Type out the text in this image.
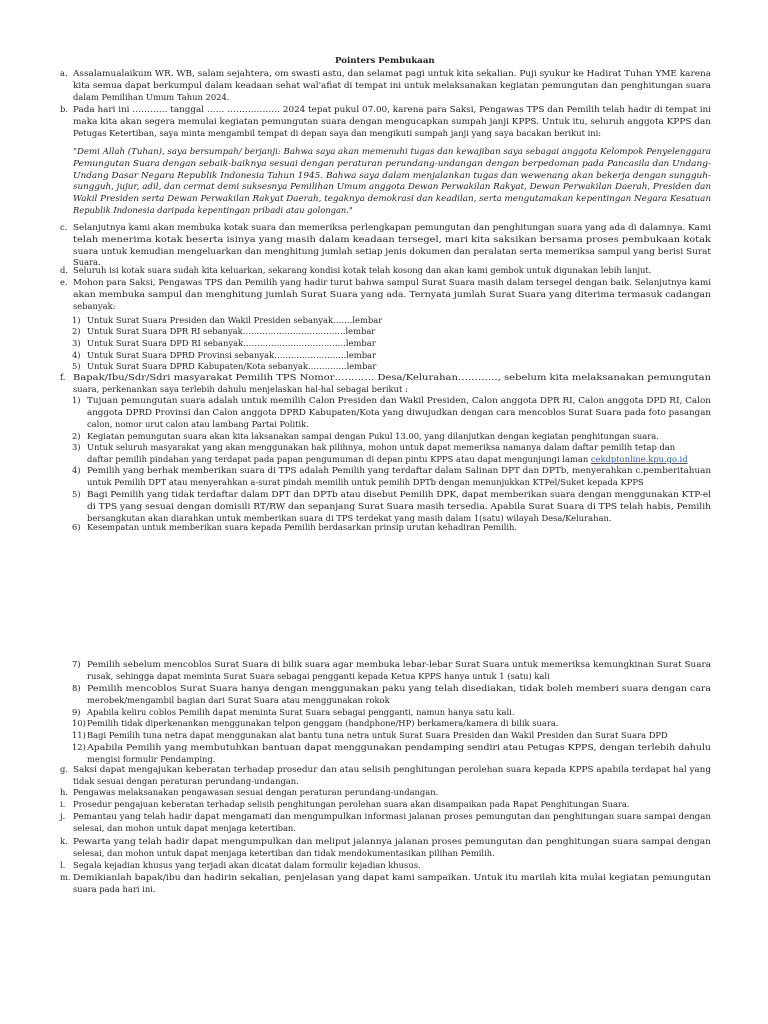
Pointers Pembukaan
a. Assalamualaikum WR. WB, salam sejahtera, om swasti astu, dan selamat pagi untuk kita sekalian. Puji syukur ke Hadirat Tuhan YME karena
kita semua dapat berkumpul dalam keadaan sehat wal'afiat di tempat ini untuk melaksanakan kegiatan pemungutan dan penghitungan suara
dalam Pemilihan Umum Tahun 2024.
b. Pada hari ini ………… tanggal …… ……………… 2024 tepat pukul 07.00, karena para Saksi, Pengawas TPS dan Pemilih telah hadir di tempat ini
maka kita akan segera memulai kegiatan pemungutan suara dengan mengucapkan sumpah janji KPPS. Untuk itu, seluruh anggota KPPS dan
Petugas Ketertiban, saya minta mengambil tempat di depan saya dan mengikuti sumpah janji yang saya bacakan berikut ini:
"Demi Allah (Tuhan), saya bersumpah/ berjanji: Bahwa saya akan memenuhi tugas dan kewajiban saya sebagai anggota Kelompok Penyelenggara
Pemungutan Suara dengan sebaik-baiknya sesuai dengan peraturan perundang-undangan dengan berpedoman pada Pancasila dan Undang-
Undang Dasar Negara Republik Indonesia Tahun 1945. Bahwa saya dalam menjalankan tugas dan wewenang akan bekerja dengan sungguh-
sungguh, jujur, adil, dan cermat demi suksesnya Pemilihan Umum anggota Dewan Perwakilan Rakyat, Dewan Perwakilan Daerah, Presiden dan
Wakil Presiden serta Dewan Perwakilan Rakyat Daerah, tegaknya demokrasi dan keadilan, serta mengutamakan kepentingan Negara Kesatuan
Republik Indonesia daripada kepentingan pribadi atau golongan."
c. Selanjutnya kami akan membuka kotak suara dan memeriksa perlengkapan pemungutan dan penghitungan suara yang ada di dalamnya. Kami
telah menerima kotak beserta isinya yang masih dalam keadaan tersegel, mari kita saksikan bersama proses pembukaan kotak
suara untuk kemudian mengeluarkan dan menghitung jumlah setiap jenis dokumen dan peralatan serta memeriksa sampul yang berisi Surat
Suara.
d. Seluruh isi kotak suara sudah kita keluarkan, sekarang kondisi kotak telah kosong dan akan kami gembok untuk digunakan lebih lanjut.
e. Mohon para Saksi, Pengawas TPS dan Pemilih yang hadir turut bahwa sampul Surat Suara masih dalam tersegel dengan baik. Selanjutnya kami
akan membuka sampul dan menghitung jumlah Surat Suara yang ada. Ternyata jumlah Surat Suara yang diterima termasuk cadangan
sebanyak:
1) Untuk Surat Suara Presiden dan Wakil Presiden sebanyak…….lembar
2) Untuk Surat Suara DPR RI sebanyak……………………………….lembar
3) Untuk Surat Suara DPD RI sebanyak……………………………….lembar
4) Untuk Surat Suara DPRD Provinsi sebanyak……………………..lembar
5) Untuk Surat Suara DPRD Kabupaten/Kota sebanyak…………..lembar
f. Bapak/Ibu/Sdr/Sdri masyarakat Pemilih TPS Nomor………… Desa/Kelurahan…………, sebelum kita melaksanakan pemungutan
suara, perkenankan saya terlebih dahulu menjelaskan hal-hal sebagai berikut :
1) Tujuan pemungutan suara adalah untuk memilih Calon Presiden dan Wakil Presiden, Calon anggota DPR RI, Calon anggota DPD RI, Calon
anggota DPRD Provinsi dan Calon anggota DPRD Kabupaten/Kota yang diwujudkan dengan cara mencoblos Surat Suara pada foto pasangan
calon, nomor urut calon atau lambang Partai Politik.
2) Kegiatan pemungutan suara akan kita laksanakan sampai dengan Pukul 13.00, yang dilanjutkan dengan kegiatan penghitungan suara.
3) Untuk seluruh masyarakat yang akan menggunakan hak pilihnya, mohon untuk dapat memeriksa namanya dalam daftar pemilih tetap dan
daftar pemilih pindahan yang terdapat pada papan pengumuman di depan pintu KPPS atau dapat mengunjungi laman cekdptonline.kpu.go.id
4) Pemilih yang berhak memberikan suara di TPS adalah Pemilih yang terdaftar dalam Salinan DPT dan DPTb, menyerahkan c.pemberitahuan
untuk Pemilih DPT atau menyerahkan a-surat pindah memilih untuk pemilih DPTb dengan menunjukkan KTPel/Suket kepada KPPS
5) Bagi Pemilih yang tidak terdaftar dalam DPT dan DPTb atau disebut Pemilih DPK, dapat memberikan suara dengan menggunakan KTP-el
di TPS yang sesuai dengan domisili RT/RW dan sepanjang Surat Suara masih tersedia. Apabila Surat Suara di TPS telah habis, Pemilih
bersangkutan akan diarahkan untuk memberikan suara di TPS terdekat yang masih dalam 1(satu) wilayah Desa/Kelurahan.
6) Kesempatan untuk memberikan suara kepada Pemilih berdasarkan prinsip urutan kehadiran Pemilih.
7) Pemilih sebelum mencoblos Surat Suara di bilik suara agar membuka lebar-lebar Surat Suara untuk memeriksa kemungkinan Surat Suara
rusak, sehingga dapat meminta Surat Suara sebagai pengganti kepada Ketua KPPS hanya untuk 1 (satu) kali
8) Pemilih mencoblos Surat Suara hanya dengan menggunakan paku yang telah disediakan, tidak boleh memberi suara dengan cara
merobek/mengambil bagian dari Surat Suara atau menggunakan rokok
9) Apabila keliru coblos Pemilih dapat meminta Surat Suara sebagai pengganti, namun hanya satu kali.
10) Pemilih tidak diperkenankan menggunakan telpon genggam (handphone/HP) berkamera/kamera di bilik suara.
11) Bagi Pemilih tuna netra dapat menggunakan alat bantu tuna netra untuk Surat Suara Presiden dan Wakil Presiden dan Surat Suara DPD
12) Apabila Pemilih yang membutuhkan bantuan dapat menggunakan pendamping sendiri atau Petugas KPPS, dengan terlebih dahulu
mengisi formulir Pendamping.
g. Saksi dapat mengajukan keberatan terhadap prosedur dan atau selisih penghitungan perolehan suara kepada KPPS apabila terdapat hal yang
tidak sesuai dengan peraturan perundang-undangan.
h. Pengawas melaksanakan pengawasan sesuai dengan peraturan perundang-undangan.
i. Prosedur pengajuan keberatan terhadap selisih penghitungan perolehan suara akan disampaikan pada Rapat Penghitungan Suara.
j. Pemantau yang telah hadir dapat mengamati dan mengumpulkan informasi jalanan proses pemungutan dan penghitungan suara sampai dengan
selesai, dan mohon untuk dapat menjaga ketertiban.
k. Pewarta yang telah hadir dapat mengumpulkan dan meliput jalannya jalanan proses pemungutan dan penghitungan suara sampai dengan
selesai, dan mohon untuk dapat menjaga ketertiban dan tidak mendokumentasikan pilihan Pemilih.
l. Segala kejadian khusus yang terjadi akan dicatat dalam formulir kejadian khusus.
m. Demikianlah bapak/ibu dan hadirin sekalian, penjelasan yang dapat kami sampaikan. Untuk itu marilah kita mulai kegiatan pemungutan
suara pada hari ini.
